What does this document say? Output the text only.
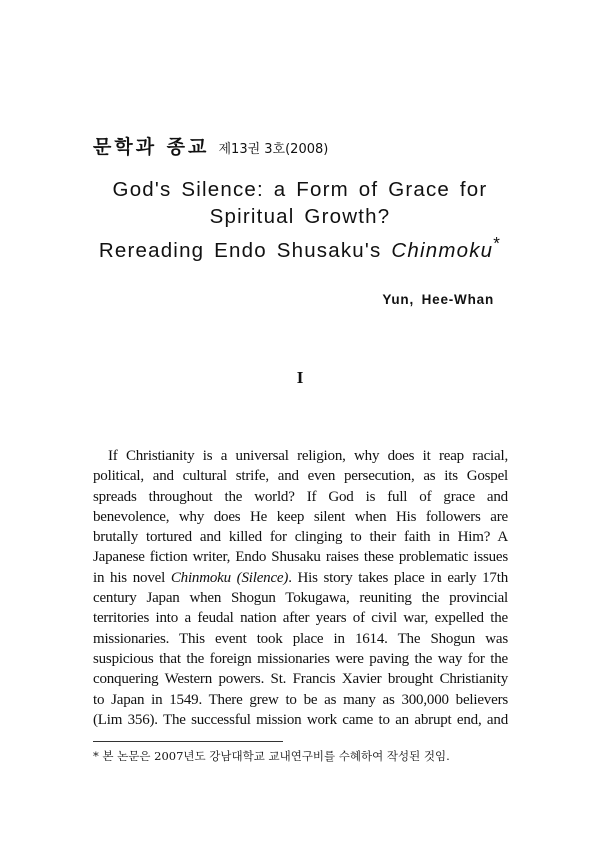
문학과 종교 제13권 3호(2008)
God's Silence: a Form of Grace for
Spiritual Growth?
Rereading Endo Shusaku's Chinmoku*
Yun, Hee-Whan
I
If Christianity is a universal religion, why does it reap racial,
political, and cultural strife, and even persecution, as its Gospel
spreads throughout the world? If God is full of grace and
benevolence, why does He keep silent when His followers are
brutally tortured and killed for clinging to their faith in Him? A
Japanese fiction writer, Endo Shusaku raises these problematic issues
in his novel Chinmoku (Silence). His story takes place in early 17th
century Japan when Shogun Tokugawa, reuniting the provincial
territories into a feudal nation after years of civil war, expelled the
missionaries. This event took place in 1614. The Shogun was
suspicious that the foreign missionaries were paving the way for the
conquering Western powers. St. Francis Xavier brought Christianity
to Japan in 1549. There grew to be as many as 300,000 believers
(Lim 356). The successful mission work came to an abrupt end, and
* 본 논문은 2007년도 강남대학교 교내연구비를 수혜하여 작성된 것임.
